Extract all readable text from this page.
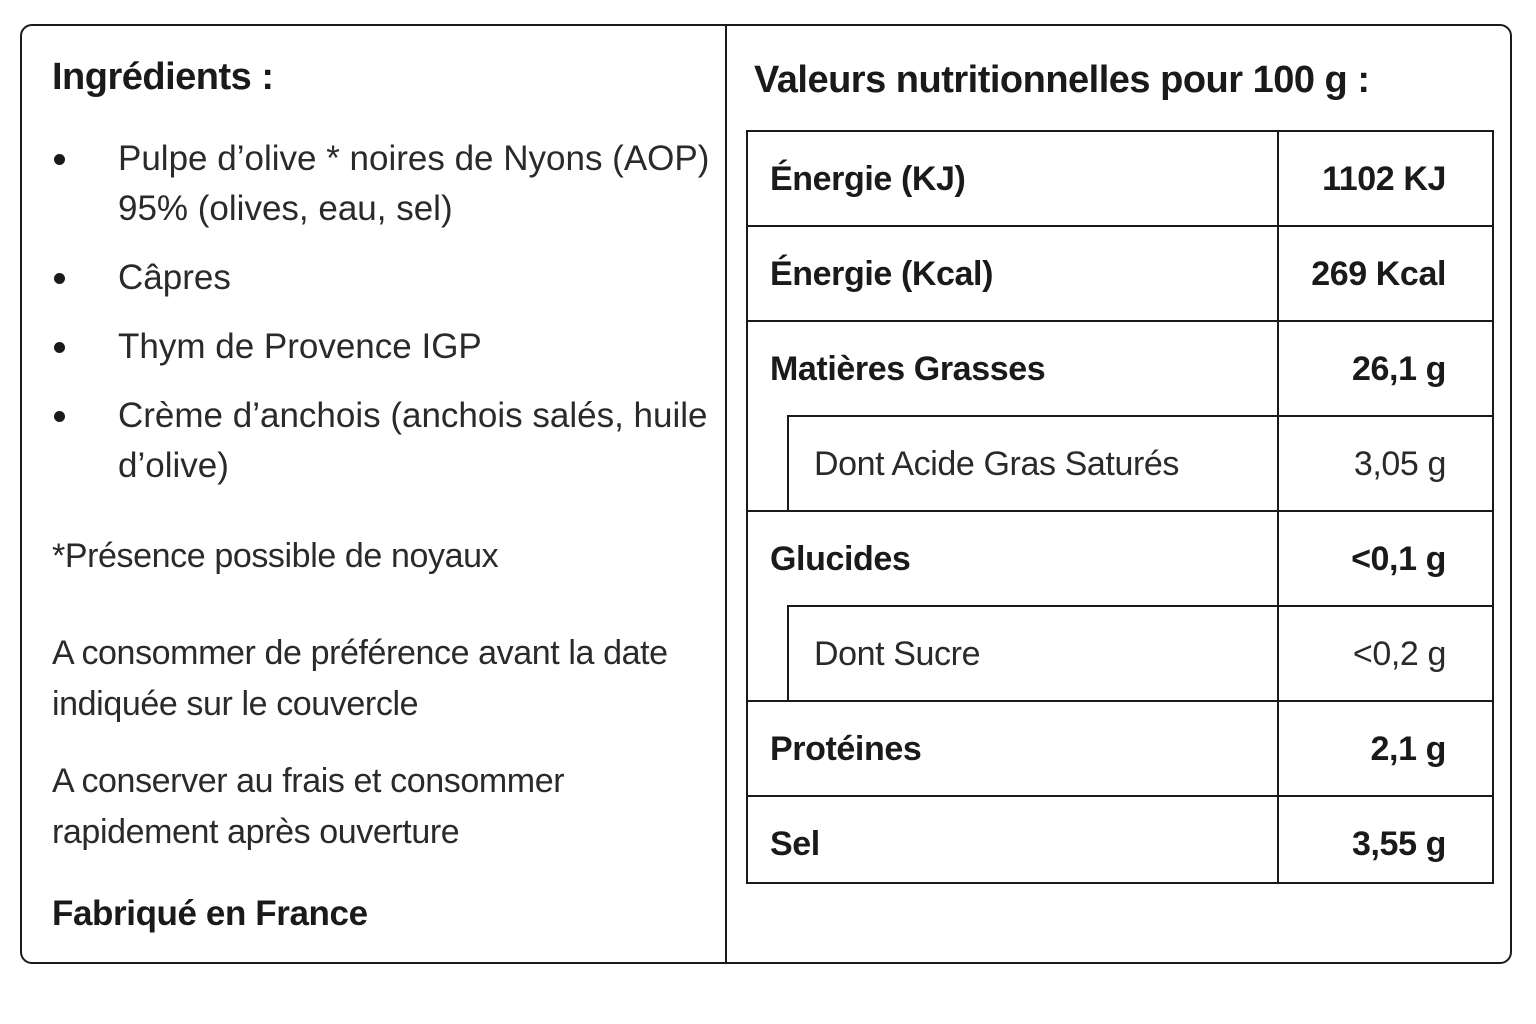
Ingrédients :
Pulpe d’olive * noires de Nyons (AOP) 95% (olives, eau, sel)
Câpres
Thym de Provence IGP
Crème d’anchois (anchois salés, huile d’olive)
*Présence possible de noyaux
A consommer de préférence avant la date indiquée sur le couvercle
A conserver au frais et consommer rapidement après ouverture
Fabriqué en France
Valeurs nutritionnelles pour 100 g :
Énergie (KJ)	1102 KJ
Énergie (Kcal)	269 Kcal
Matières Grasses	26,1 g
Dont Acide Gras Saturés	3,05 g
Glucides	<0,1 g
Dont Sucre	<0,2 g
Protéines	2,1 g
Sel	3,55 g
